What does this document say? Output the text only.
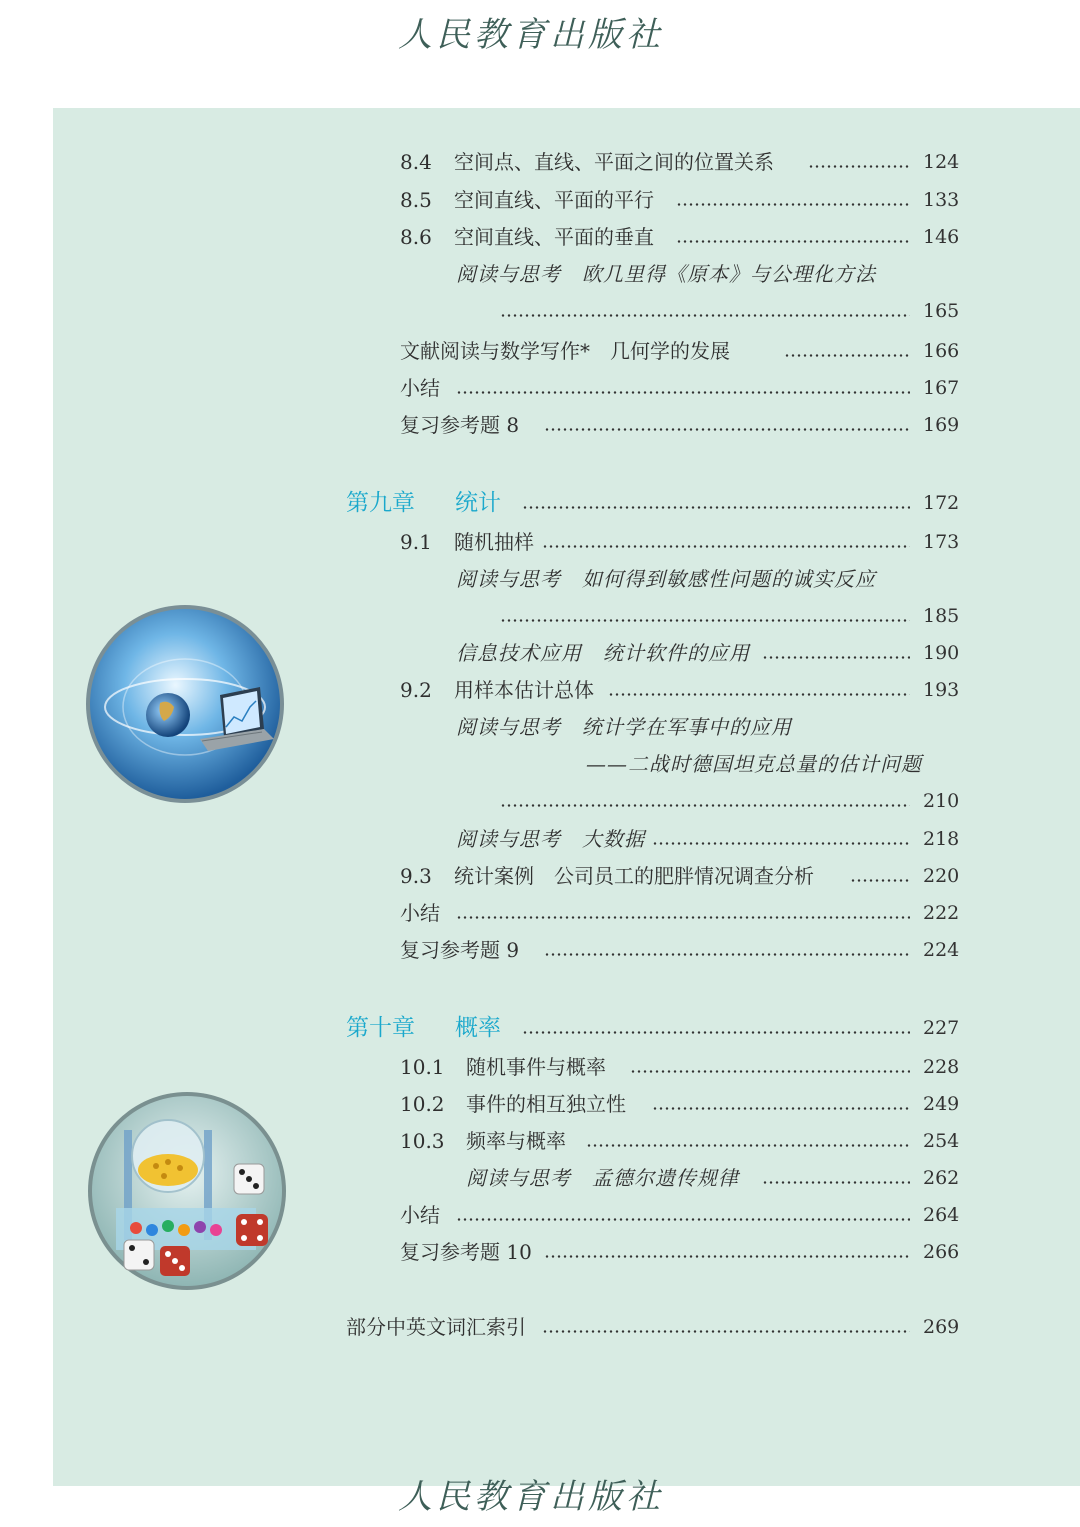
人民教育出版社
8.4 空间点、直线、平面之间的位置关系	124
8.5 空间直线、平面的平行	133
8.6 空间直线、平面的垂直	146
阅读与思考　欧几里得《原本》与公理化方法
165
文献阅读与数学写作*　几何学的发展	166
小结	167
复习参考题 8	169
第九章 统计	172
9.1 随机抽样	173
阅读与思考　如何得到敏感性问题的诚实反应
185
信息技术应用　统计软件的应用	190
9.2 用样本估计总体	193
阅读与思考　统计学在军事中的应用
——二战时德国坦克总量的估计问题
210
阅读与思考　大数据	218
9.3 统计案例　公司员工的肥胖情况调查分析	220
小结	222
复习参考题 9	224
第十章 概率	227
10.1 随机事件与概率	228
10.2 事件的相互独立性	249
10.3 频率与概率	254
阅读与思考　孟德尔遗传规律	262
小结	264
复习参考题 10	266
部分中英文词汇索引	269
人民教育出版社
